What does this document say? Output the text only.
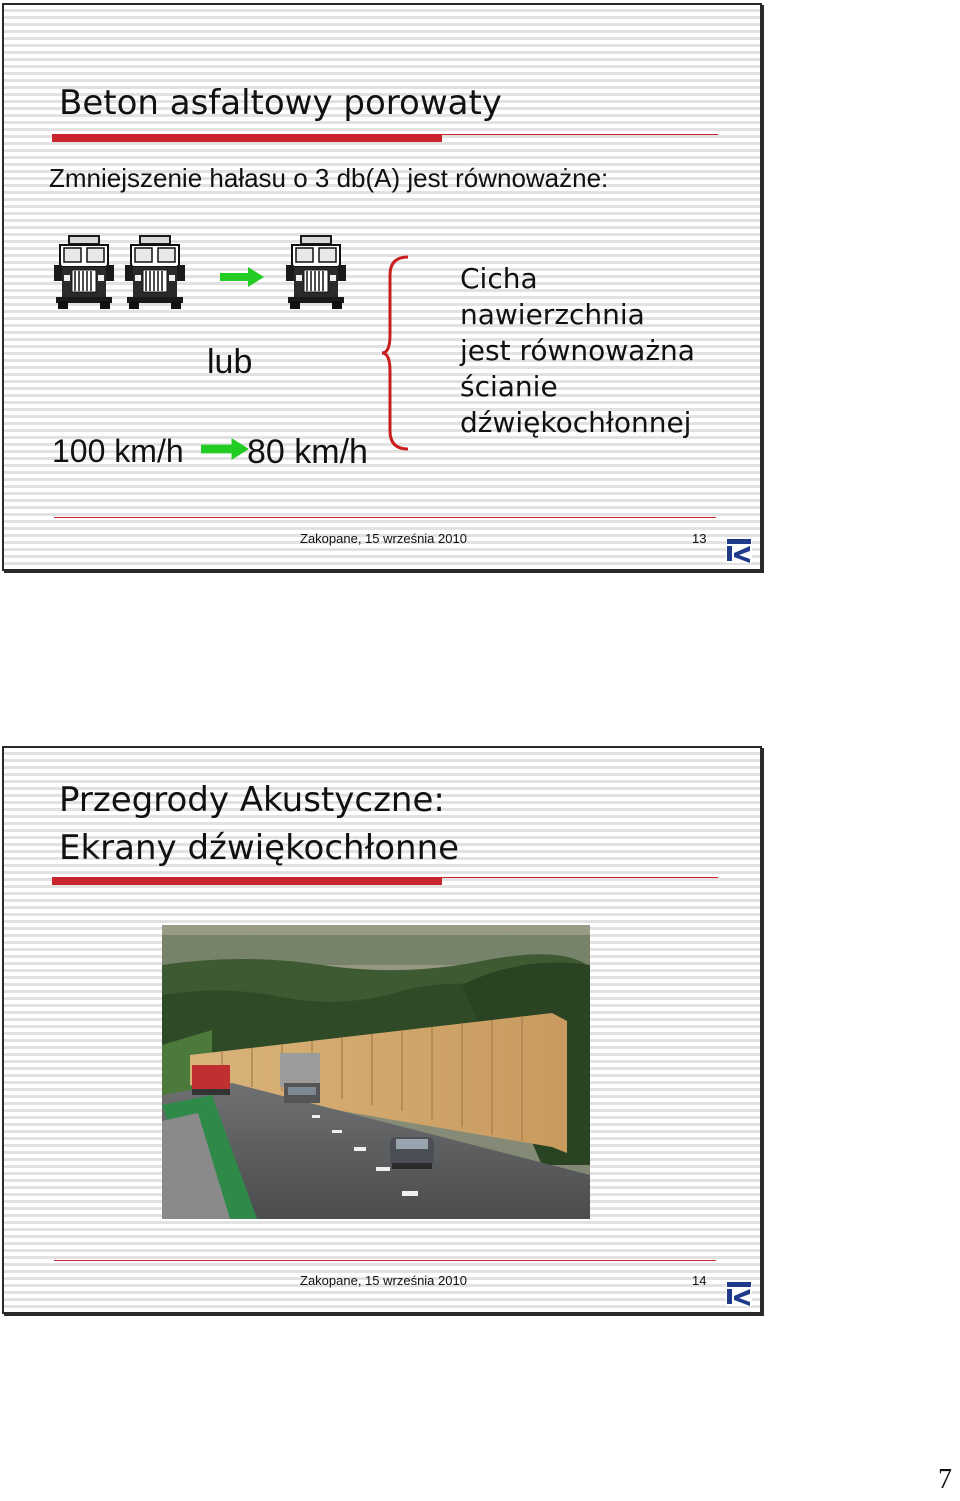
Beton asfaltowy porowaty
Zmniejszenie hałasu o 3 db(A) jest równoważne:
lub
100 km/h 80 km/h
Cicha
nawierzchnia
jest równoważna
ścianie
dźwiękochłonnej
Zakopane, 15 września 2010	13
Przegrody Akustyczne:
Ekrany dźwiękochłonne
Zakopane, 15 września 2010	14
7
